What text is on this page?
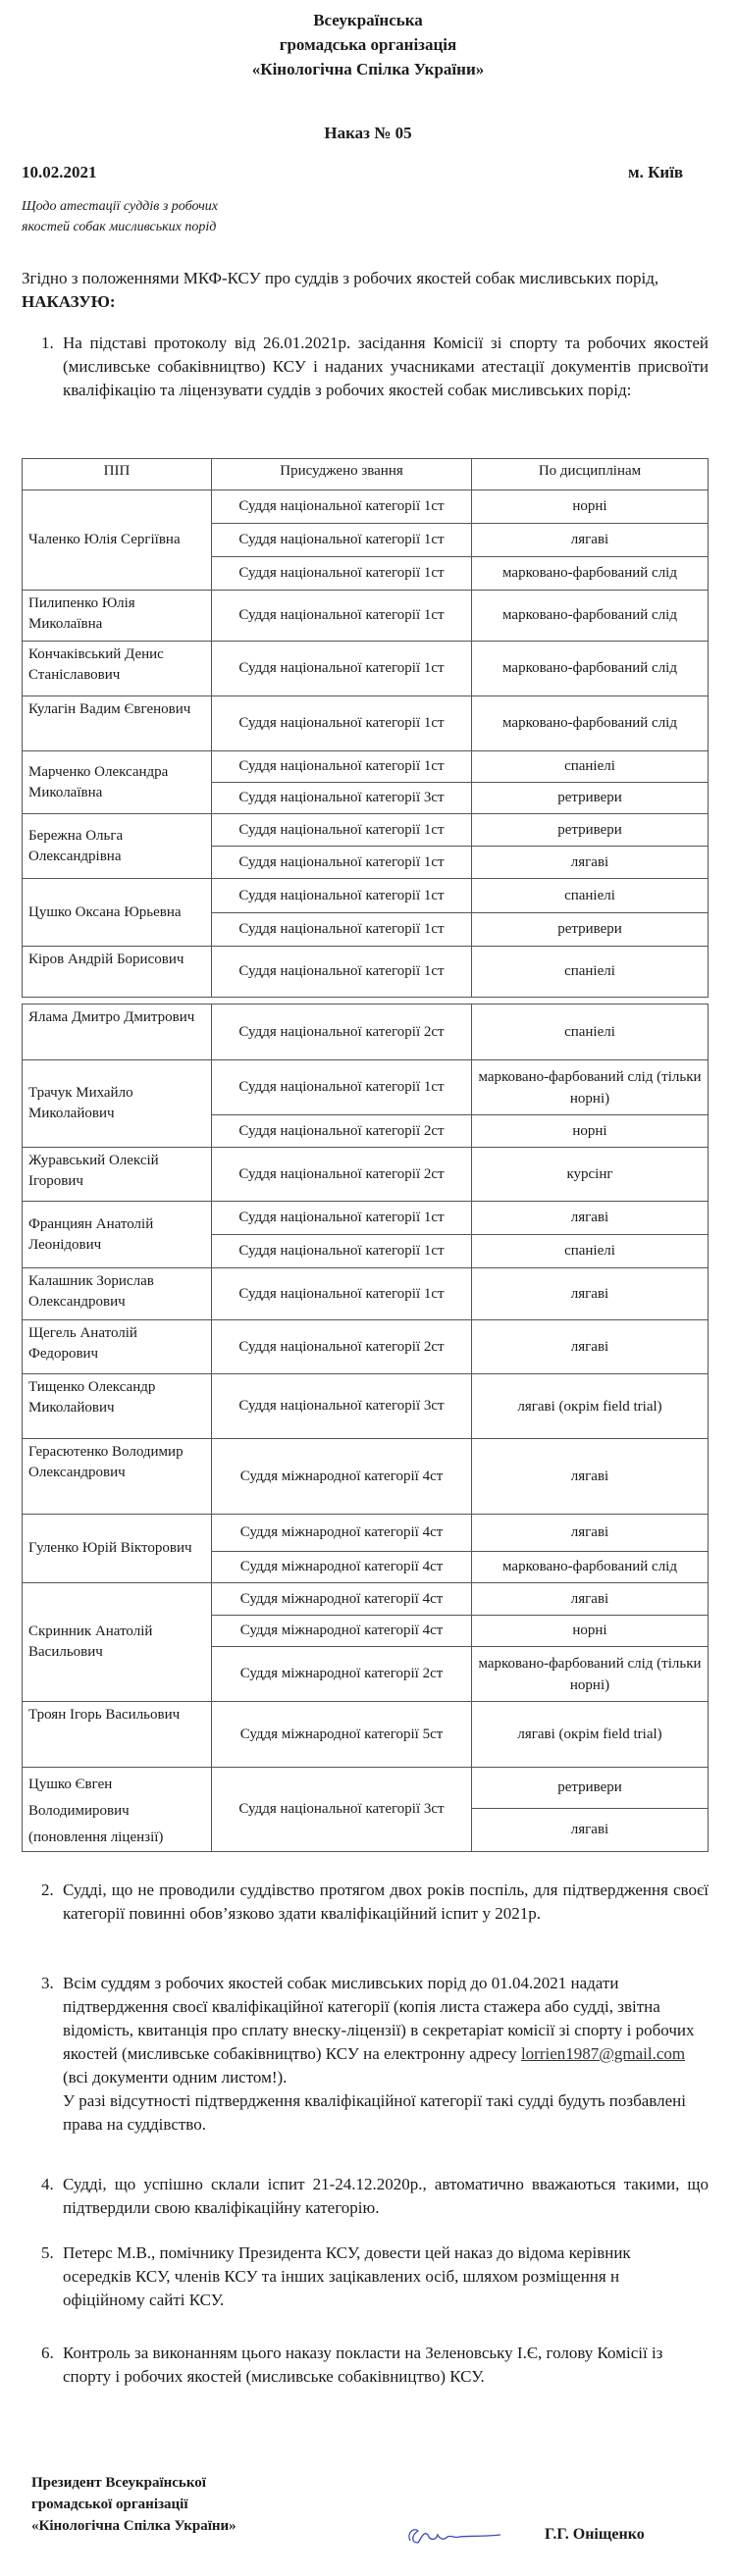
Всеукраїнська
громадська організація
«Кінологічна Спілка України»
Наказ № 05
10.02.2021	м. Київ
Щодо атестації суддів з робочих
якостей собак мисливських порід
Згідно з положеннями МКФ-КСУ про суддів з робочих якостей собак мисливських порід, НАКАЗУЮ:
1. На підставі протоколу від 26.01.2021р. засідання Комісії зі спорту та робочих якостей (мисливське собаківництво) КСУ і наданих учасниками атестації документів присвоїти кваліфікацію та ліцензувати суддів з робочих якостей собак мисливських порід:
ПІП	Присуджено звання	По дисциплінам
Чаленко Юлія Сергіївна	Суддя національної категорії 1ст	норні
	Суддя національної категорії 1ст	лягаві
	Суддя національної категорії 1ст	марковано-фарбований слід
Пилипенко Юлія Миколаївна	Суддя національної категорії 1ст	марковано-фарбований слід
Кончаківський Денис Станіславович	Суддя національної категорії 1ст	марковано-фарбований слід
Кулагін Вадим Євгенович	Суддя національної категорії 1ст	марковано-фарбований слід
Марченко Олександра Миколаївна	Суддя національної категорії 1ст	спаніелі
	Суддя національної категорії 3ст	ретривери
Бережна Ольга Олександрівна	Суддя національної категорії 1ст	ретривери
	Суддя національної категорії 1ст	лягаві
Цушко Оксана Юрьевна	Суддя національної категорії 1ст	спаніелі
	Суддя національної категорії 1ст	ретривери
Кіров Андрій Борисович	Суддя національної категорії 1ст	спаніелі
Ялама Дмитро Дмитрович	Суддя національної категорії 2ст	спаніелі
Трачук Михайло Миколайович	Суддя національної категорії 1ст	марковано-фарбований слід (тільки норні)
	Суддя національної категорії 2ст	норні
Журавський Олексій Ігорович	Суддя національної категорії 2ст	курсінг
Франциян Анатолій Леонідович	Суддя національної категорії 1ст	лягаві
	Суддя національної категорії 1ст	спаніелі
Калашник Зорислав Олександрович	Суддя національної категорії 1ст	лягаві
Щегель Анатолій Федорович	Суддя національної категорії 2ст	лягаві
Тищенко Олександр Миколайович	Суддя національної категорії 3ст	лягаві (окрім field trial)
Герасютенко Володимир Олександрович	Суддя міжнародної категорії 4ст	лягаві
Гуленко Юрій Вікторович	Суддя міжнародної категорії 4ст	лягаві
	Суддя міжнародної категорії 4ст	марковано-фарбований слід
Скринник Анатолій Васильович	Суддя міжнародної категорії 4ст	лягаві
	Суддя міжнародної категорії 4ст	норні
	Суддя міжнародної категорії 2ст	марковано-фарбований слід (тільки норні)
Троян Ігорь Васильович	Суддя міжнародної категорії 5ст	лягаві (окрім field trial)
Цушко Євген Володимирович (поновлення ліцензії)	Суддя національної категорії 3ст	ретривери
		лягаві
2. Судді, що не проводили суддівство протягом двох років поспіль, для підтвердження своєї категорії повинні обов’язково здати кваліфікаційний іспит у 2021р.
3. Всім суддям з робочих якостей собак мисливських порід до 01.04.2021 надати підтвердження своєї кваліфікаційної категорії (копія листа стажера або судді, звітна відомість, квитанція про сплату внеску-ліцензії) в секретаріат комісії зі спорту і робочих якостей (мисливське собаківництво) КСУ на електронну адресу lorrien1987@gmail.com (всі документи одним листом!).
У разі відсутності підтвердження кваліфікаційної категорії такі судді будуть позбавлені права на суддівство.
4. Судді, що успішно склали іспит 21-24.12.2020р., автоматично вважаються такими, що підтвердили свою кваліфікаційну категорію.
5. Петерс М.В., помічнику Президента КСУ, довести цей наказ до відома керівник
осередків КСУ, членів КСУ та інших зацікавлених осіб, шляхом розміщення н
офіційному сайті КСУ.
6. Контроль за виконанням цього наказу покласти на Зеленовську І.Є, голову Комісії із спорту і робочих якостей (мисливське собаківництво) КСУ.
Президент Всеукраїнської
громадської організації
«Кінологічна Спілка України»	Г.Г. Оніщенко
